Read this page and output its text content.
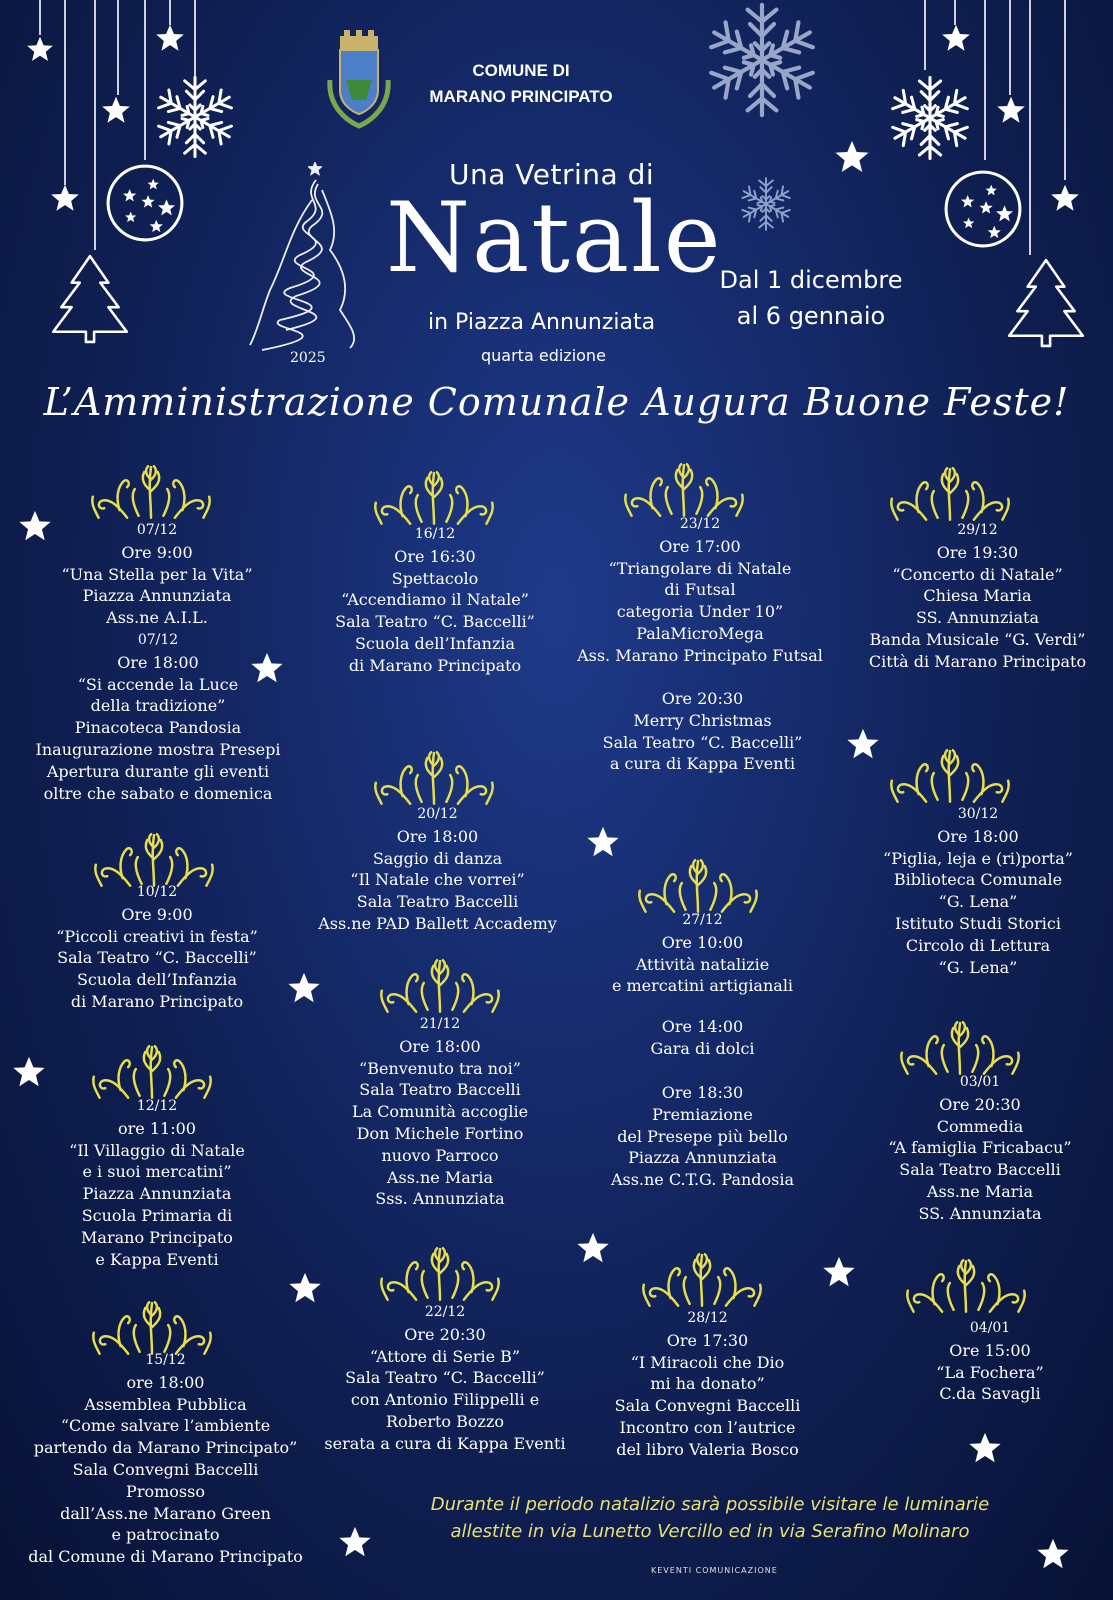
COMUNE DI
MARANO PRINCIPATO
Una Vetrina di
Natale
in Piazza Annunziata
quarta edizione
2025
Dal 1 dicembre
al 6 gennaio
L’Amministrazione Comunale Augura Buone Feste!
07/12
Ore 9:00
“Una Stella per la Vita”
Piazza Annunziata
Ass.ne A.I.L.
07/12
Ore 18:00
“Si accende la Luce
della tradizione”
Pinacoteca Pandosia
Inaugurazione mostra Presepi
Apertura durante gli eventi
oltre che sabato e domenica
10/12
Ore 9:00
“Piccoli creativi in festa”
Sala Teatro “C. Baccelli”
Scuola dell’Infanzia
di Marano Principato
12/12
ore 11:00
“Il Villaggio di Natale
e i suoi mercatini”
Piazza Annunziata
Scuola Primaria di
Marano Principato
e Kappa Eventi
15/12
ore 18:00
Assemblea Pubblica
“Come salvare l’ambiente
partendo da Marano Principato”
Sala Convegni Baccelli
Promosso
dall’Ass.ne Marano Green
e patrocinato
dal Comune di Marano Principato
16/12
Ore 16:30
Spettacolo
“Accendiamo il Natale”
Sala Teatro “C. Baccelli”
Scuola dell’Infanzia
di Marano Principato
20/12
Ore 18:00
Saggio di danza
“Il Natale che vorrei”
Sala Teatro Baccelli
Ass.ne PAD Ballett Accademy
21/12
Ore 18:00
“Benvenuto tra noi”
Sala Teatro Baccelli
La Comunità accoglie
Don Michele Fortino
nuovo Parroco
Ass.ne Maria
Sss. Annunziata
22/12
Ore 20:30
“Attore di Serie B”
Sala Teatro “C. Baccelli”
con Antonio Filippelli e
Roberto Bozzo
serata a cura di Kappa Eventi
23/12
Ore 17:00
“Triangolare di Natale
di Futsal
categoria Under 10”
PalaMicroMega
Ass. Marano Principato Futsal
Ore 20:30
Merry Christmas
Sala Teatro “C. Baccelli”
a cura di Kappa Eventi
27/12
Ore 10:00
Attività natalizie
e mercatini artigianali
Ore 14:00
Gara di dolci
Ore 18:30
Premiazione
del Presepe più bello
Piazza Annunziata
Ass.ne C.T.G. Pandosia
28/12
Ore 17:30
“I Miracoli che Dio
mi ha donato”
Sala Convegni Baccelli
Incontro con l’autrice
del libro Valeria Bosco
29/12
Ore 19:30
“Concerto di Natale”
Chiesa Maria
SS. Annunziata
Banda Musicale “G. Verdi”
Città di Marano Principato
30/12
Ore 18:00
“Piglia, leja e (ri)porta”
Biblioteca Comunale
“G. Lena”
Istituto Studi Storici
Circolo di Lettura
“G. Lena”
03/01
Ore 20:30
Commedia
“A famiglia Fricabacu”
Sala Teatro Baccelli
Ass.ne Maria
SS. Annunziata
04/01
Ore 15:00
“La Fochera”
C.da Savagli
Durante il periodo natalizio sarà possibile visitare le luminarie
allestite in via Lunetto Vercillo ed in via Serafino Molinaro
KEVENTI COMUNICAZIONE
